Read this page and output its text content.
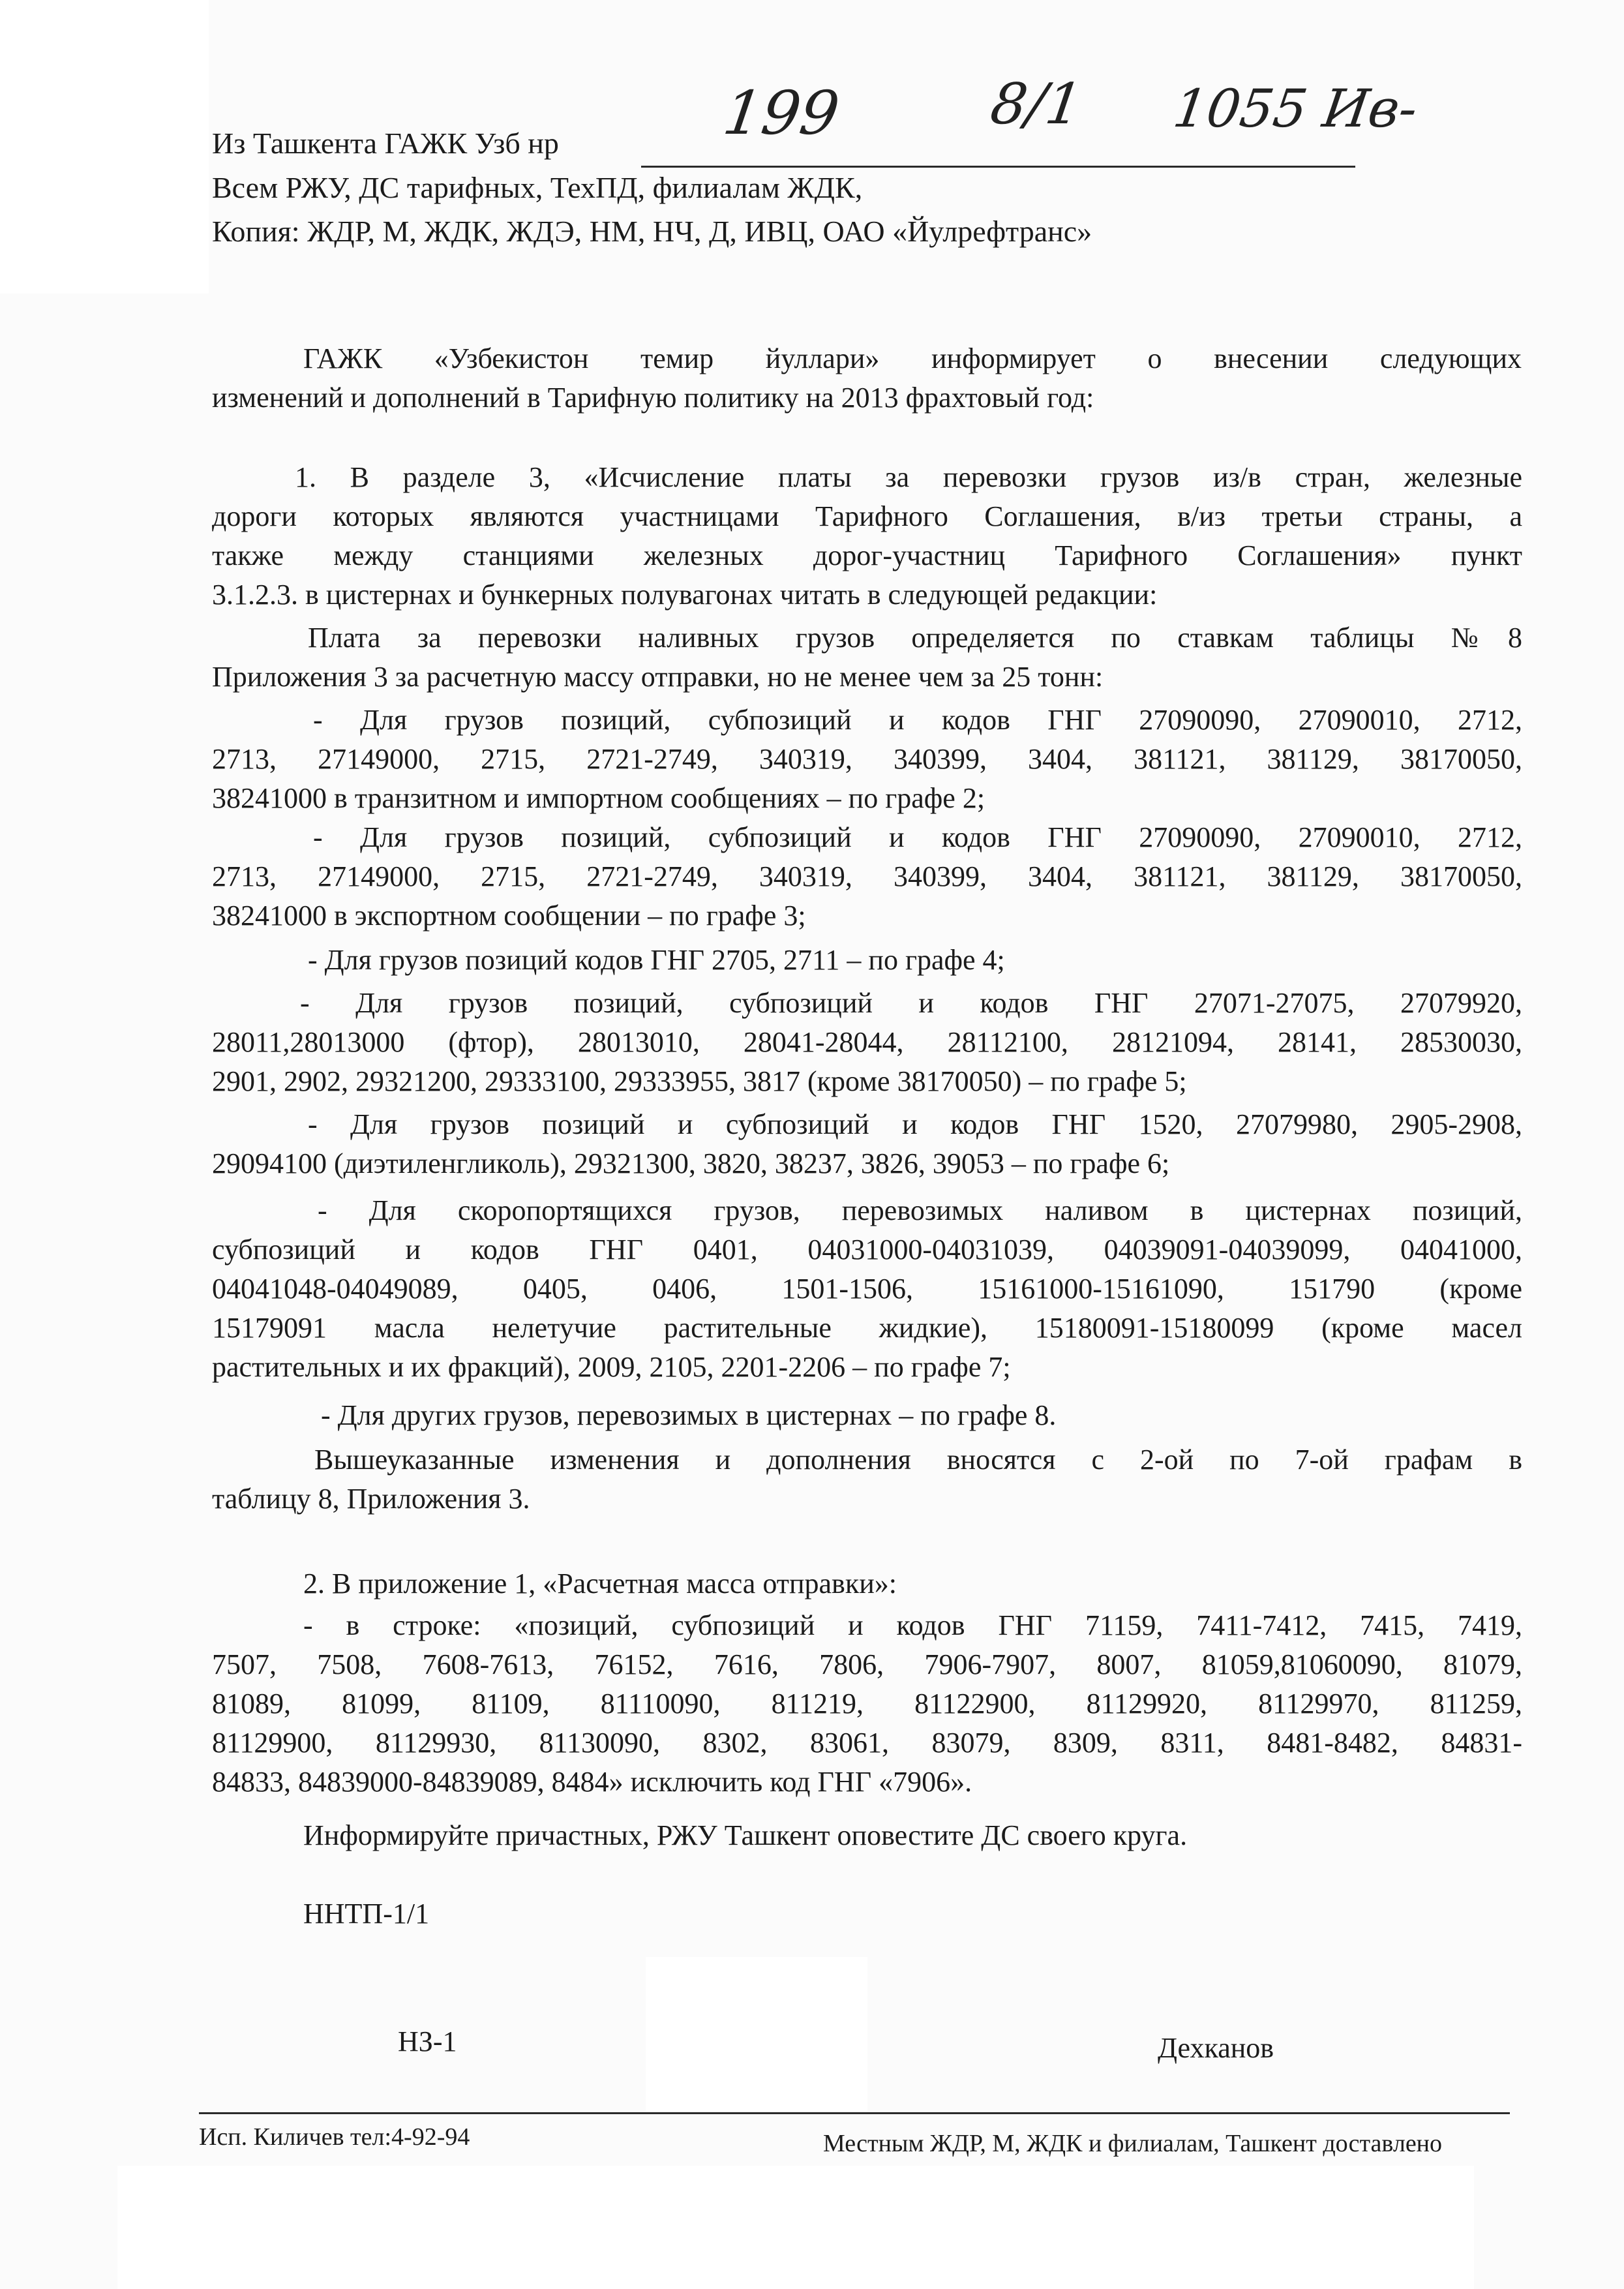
Из Ташкента ГАЖК Узб нр	199	8/1 1055 Ив-
Всем РЖУ, ДС тарифных, ТехПД, филиалам ЖДК,
Копия: ЖДР, М, ЖДК, ЖДЭ, НМ, НЧ, Д, ИВЦ, ОАО «Йулрефтранс»
ГАЖК «Узбекистон темир йуллари» информирует о внесении следующих
изменений и дополнений в Тарифную политику на 2013 фрахтовый год:
1. В разделе 3, «Исчисление платы за перевозки грузов из/в стран, железные
дороги которых являются участницами Тарифного Соглашения, в/из третьи страны, а
также между станциями железных дорог-участниц Тарифного Соглашения» пункт
3.1.2.3. в цистернах и бункерных полувагонах читать в следующей редакции:
Плата за перевозки наливных грузов определяется по ставкам таблицы №8
Приложения 3 за расчетную массу отправки, но не менее чем за 25 тонн:
- Для грузов позиций, субпозиций и кодов ГНГ 27090090, 27090010, 2712,
2713, 27149000, 2715, 2721-2749, 340319, 340399, 3404, 381121, 381129, 38170050,
38241000 в транзитном и импортном сообщениях – по графе 2;
- Для грузов позиций, субпозиций и кодов ГНГ 27090090, 27090010, 2712,
2713, 27149000, 2715, 2721-2749, 340319, 340399, 3404, 381121, 381129, 38170050,
38241000 в экспортном сообщении – по графе 3;
- Для грузов позиций кодов ГНГ 2705, 2711 – по графе 4;
- Для грузов позиций, субпозиций и кодов ГНГ 27071-27075, 27079920,
28011,28013000 (фтор), 28013010, 28041-28044, 28112100, 28121094, 28141, 28530030,
2901, 2902, 29321200, 29333100, 29333955, 3817 (кроме 38170050) – по графе 5;
- Для грузов позиций и субпозиций и кодов ГНГ 1520, 27079980, 2905-2908,
29094100 (диэтиленгликоль), 29321300, 3820, 38237, 3826, 39053 – по графе 6;
- Для скоропортящихся грузов, перевозимых наливом в цистернах позиций,
субпозиций и кодов ГНГ 0401, 04031000-04031039, 04039091-04039099, 04041000,
04041048-04049089, 0405, 0406, 1501-1506, 15161000-15161090, 151790 (кроме
15179091 масла нелетучие растительные жидкие), 15180091-15180099 (кроме масел
растительных и их фракций), 2009, 2105, 2201-2206 – по графе 7;
- Для других грузов, перевозимых в цистернах – по графе 8.
Вышеуказанные изменения и дополнения вносятся с 2-ой по 7-ой графам в
таблицу 8, Приложения 3.
2. В приложение 1, «Расчетная масса отправки»:
- в строке: «позиций, субпозиций и кодов ГНГ 71159, 7411-7412, 7415, 7419,
7507, 7508, 7608-7613, 76152, 7616, 7806, 7906-7907, 8007, 81059,81060090, 81079,
81089, 81099, 81109, 81110090, 811219, 81122900, 81129920, 81129970, 811259,
81129900, 81129930, 81130090, 8302, 83061, 83079, 8309, 8311, 8481-8482, 84831-
84833, 84839000-84839089, 8484» исключить код ГНГ «7906».
Информируйте причастных, РЖУ Ташкент оповестите ДС своего круга.
ННТП-1/1
НЗ-1	Дехканов
Исп. Киличев тел:4-92-94	Местным ЖДР, М, ЖДК и филиалам, Ташкент доставлено
